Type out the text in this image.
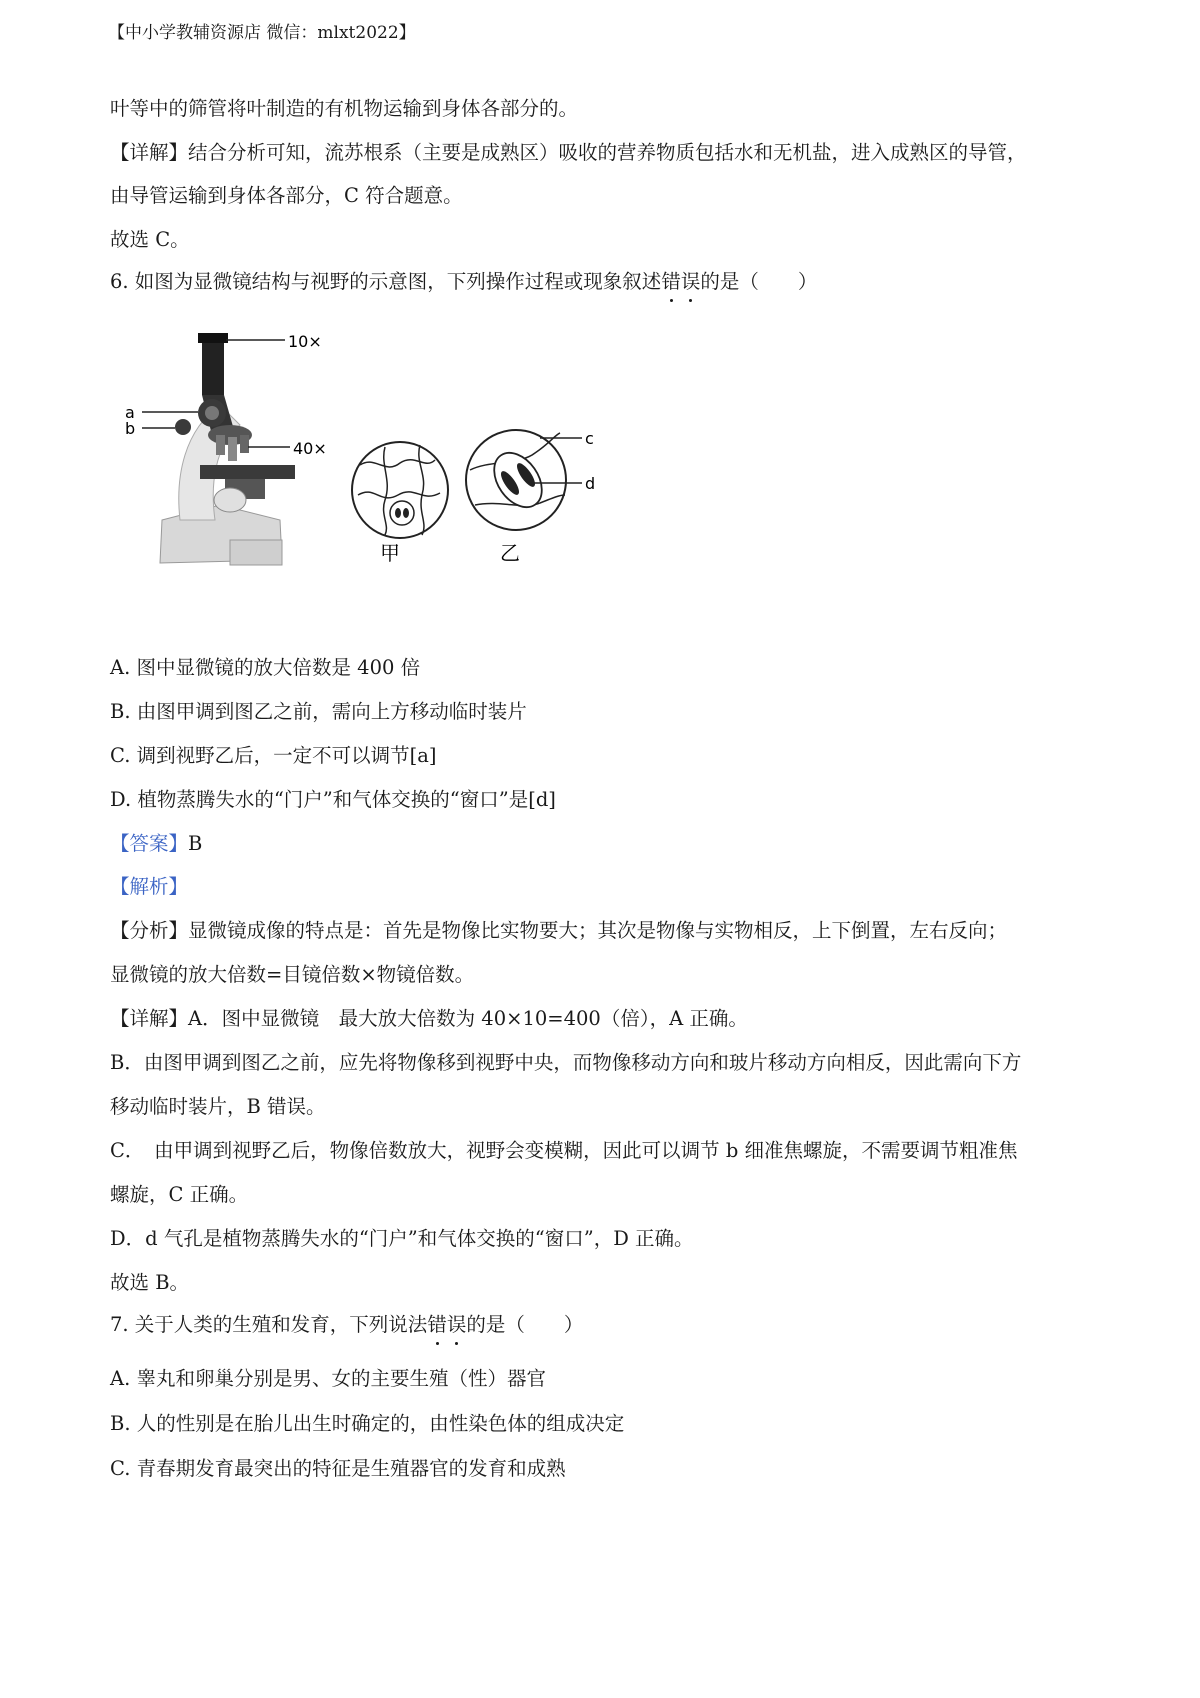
【中小学教辅资源店 微信：mlxt2022】
叶等中的筛管将叶制造的有机物运输到身体各部分的。
【详解】结合分析可知，流苏根系（主要是成熟区）吸收的营养物质包括水和无机盐，进入成熟区的导管，
由导管运输到身体各部分，C 符合题意。
故选 C。
6. 如图为显微镜结构与视野的示意图，下列操作过程或现象叙述错误的是（　　）
10×
40×
a
b
甲
c
d
乙
A. 图中显微镜的放大倍数是 400 倍
B. 由图甲调到图乙之前，需向上方移动临时装片
C. 调到视野乙后，一定不可以调节[a]
D. 植物蒸腾失水的“门户”和气体交换的“窗口”是[d]
【答案】B
【解析】
【分析】显微镜成像的特点是：首先是物像比实物要大；其次是物像与实物相反，上下倒置，左右反向；
显微镜的放大倍数=目镜倍数×物镜倍数。
【详解】A．图中显微镜　最大放大倍数为 40×10=400（倍），A 正确。
B．由图甲调到图乙之前，应先将物像移到视野中央，而物像移动方向和玻片移动方向相反，因此需向下方
移动临时装片，B 错误。
C．　由甲调到视野乙后，物像倍数放大，视野会变模糊，因此可以调节 b 细准焦螺旋，不需要调节粗准焦
螺旋，C 正确。
D．d 气孔是植物蒸腾失水的“门户”和气体交换的“窗口”，D 正确。
故选 B。
7. 关于人类的生殖和发育，下列说法错误的是（　　）
A. 睾丸和卵巢分别是男、女的主要生殖（性）器官
B. 人的性别是在胎儿出生时确定的，由性染色体的组成决定
C. 青春期发育最突出的特征是生殖器官的发育和成熟
